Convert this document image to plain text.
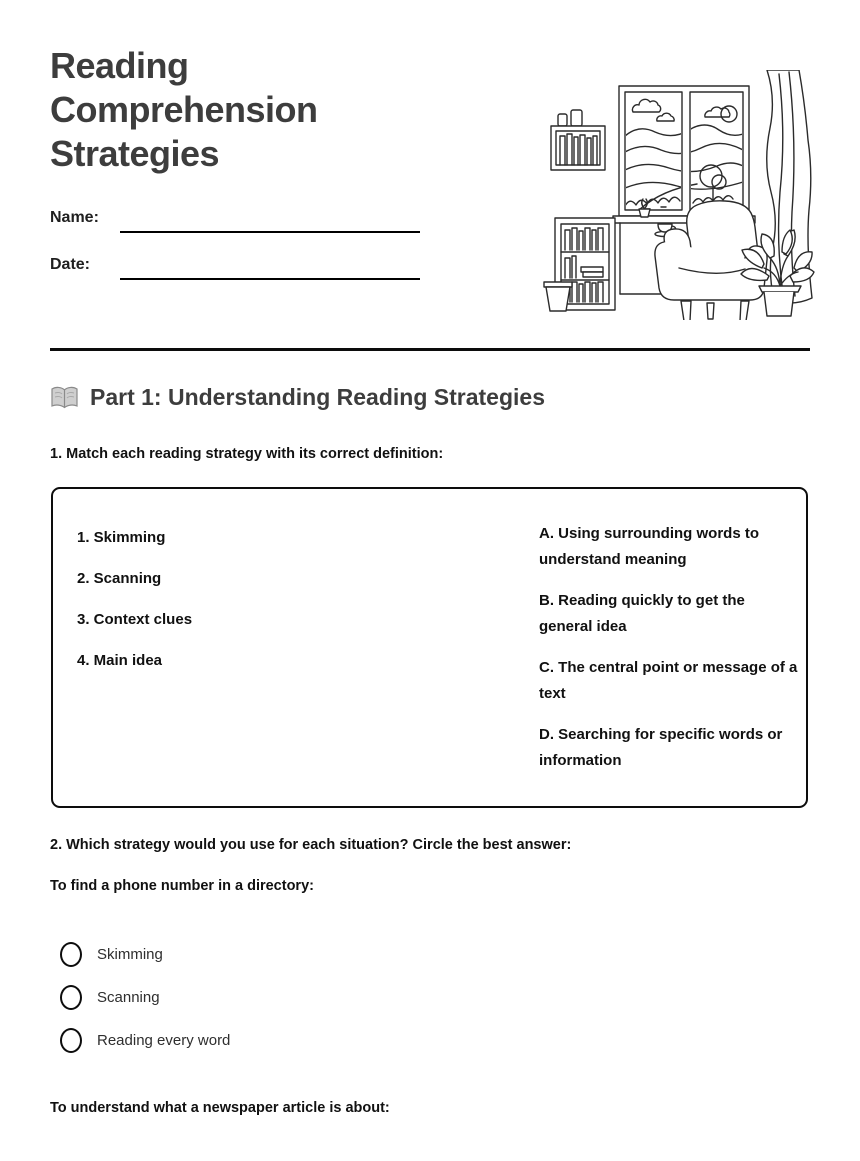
Reading Comprehension Strategies
Name:
Date:
Part 1: Understanding Reading Strategies

1. Match each reading strategy with its correct definition:

1. Skimming
2. Scanning
3. Context clues
4. Main idea

A. Using surrounding words to understand meaning

B. Reading quickly to get the general idea

C. The central point or message of a text

D. Searching for specific words or information

2. Which strategy would you use for each situation? Circle the best answer:

To find a phone number in a directory:

Skimming
Scanning
Reading every word

To understand what a newspaper article is about:
